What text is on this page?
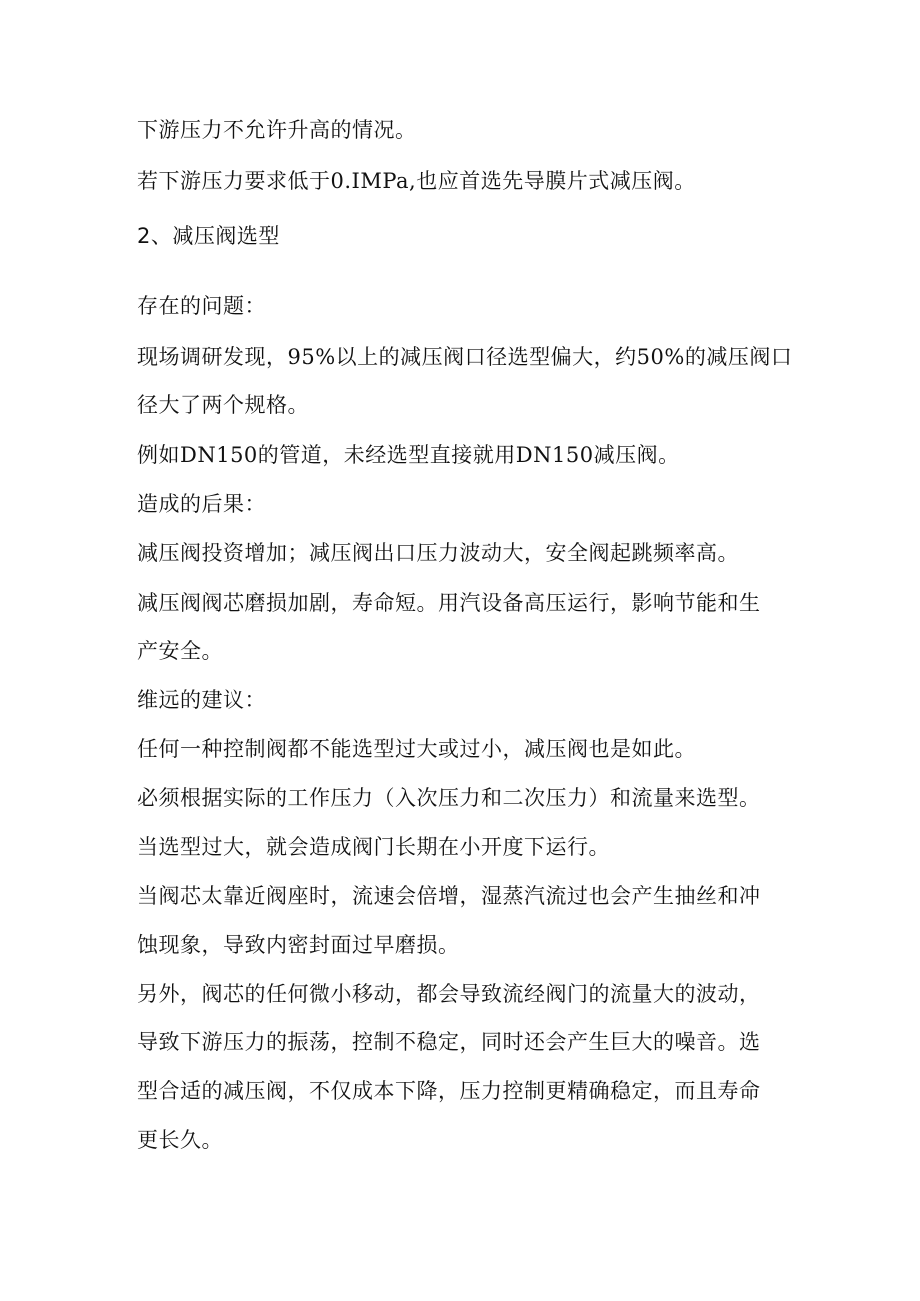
下游压力不允许升高的情况。
若下游压力要求低于0.IMPa,也应首选先导膜片式减压阀。
2、减压阀选型
存在的问题：
现场调研发现，95%以上的减压阀口径选型偏大，约50%的减压阀口
径大了两个规格。
例如DN150的管道，未经选型直接就用DN150减压阀。
造成的后果：
减压阀投资增加；减压阀出口压力波动大，安全阀起跳频率高。
减压阀阀芯磨损加剧，寿命短。用汽设备高压运行，影响节能和生
产安全。
维远的建议：
任何一种控制阀都不能选型过大或过小，减压阀也是如此。
必须根据实际的工作压力（入次压力和二次压力）和流量来选型。
当选型过大，就会造成阀门长期在小开度下运行。
当阀芯太靠近阀座时，流速会倍增，湿蒸汽流过也会产生抽丝和冲
蚀现象，导致内密封面过早磨损。
另外，阀芯的任何微小移动，都会导致流经阀门的流量大的波动，
导致下游压力的振荡，控制不稳定，同时还会产生巨大的噪音。选
型合适的减压阀，不仅成本下降，压力控制更精确稳定，而且寿命
更长久。
